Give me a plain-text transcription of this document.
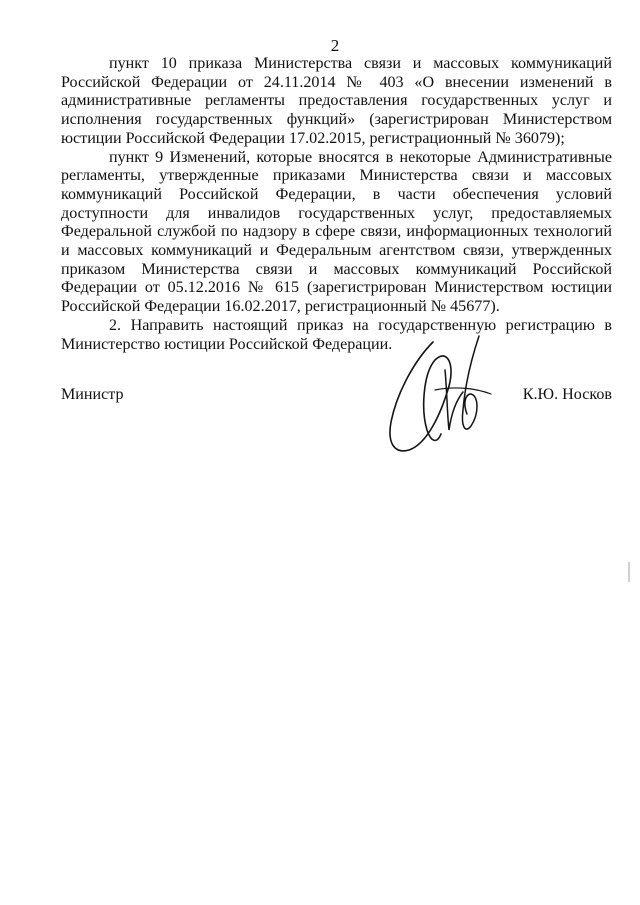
2

пункт 10 приказа Министерства связи и массовых коммуникаций Российской Федерации от 24.11.2014 № 403 «О внесении изменений в административные регламенты предоставления государственных услуг и исполнения государственных функций» (зарегистрирован Министерством юстиции Российской Федерации 17.02.2015, регистрационный № 36079);

пункт 9 Изменений, которые вносятся в некоторые Административные регламенты, утвержденные приказами Министерства связи и массовых коммуникаций Российской Федерации, в части обеспечения условий доступности для инвалидов государственных услуг, предоставляемых Федеральной службой по надзору в сфере связи, информационных технологий и массовых коммуникаций и Федеральным агентством связи, утвержденных приказом Министерства связи и массовых коммуникаций Российской Федерации от 05.12.2016 № 615 (зарегистрирован Министерством юстиции Российской Федерации 16.02.2017, регистрационный № 45677).

2. Направить настоящий приказ на государственную регистрацию в Министерство юстиции Российской Федерации.

Министр	К.Ю. Носков
